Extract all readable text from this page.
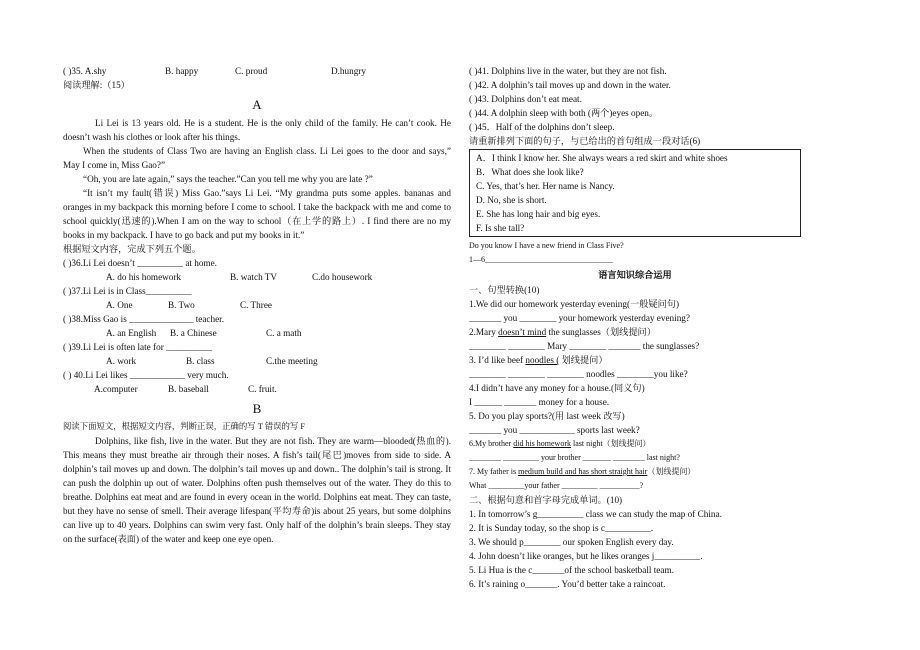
( )35. A.shy	B. happy	C. proud	D.hungry
阅读理解:（15）
A
Li Lei is 13 years old. He is a student. He is the only child of the family. He can’t cook. He doesn’t wash his clothes or look after his things.
When the students of Class Two are having an English class. Li Lei goes to the door and says,” May I come in, Miss Gao?”
“Oh, you are late again,” says the teacher.”Can you tell me why you are late ?”
“It isn’t my fault(错误) Miss Gao.”says Li Lei. “My grandma puts some apples. bananas and oranges in my backpack this morning before I come to school. I take the backpack with me and come to school quickly(迅速的).When I am on the way to school（在上学的路上）. I find there are no my books in my backpack. I have to go back and put my books in it.”
根据短文内容，完成下列五个题。
( )36.Li Lei doesn’t __________ at home.
A. do his homework	B. watch TV	C.do housework
( )37.Li Lei is in Class__________
A. One	B. Two	C. Three
( )38.Miss Gao is ______________ teacher.
A. an English B. a Chinese	C. a math
( )39.Li Lei is often late for __________
A. work	B. class	C.the meeting
( ) 40.Li Lei likes ____________ very much.
A.computer	B. baseball	C. fruit.
B
阅读下面短文，根据短文内容，判断正误，正确的写 T 错误的写 F
Dolphins, like fish, live in the water. But they are not fish. They are warm—blooded(热血的). This means they must breathe air through their noses. A fish’s tail(尾巴)moves from side to side. A dolphin’s tail moves up and down. The dolphin’s tail moves up and down.. The dolphin’s tail is strong. It can push the dolphin up out of water. Dolphins often push themselves out of the water. They do this to breathe. Dolphins eat meat and are found in every ocean in the world. Dolphins eat meat. They can taste, but they have no sense of smell. Their average lifespan(平均寿命)is about 25 years, but some dolphins can live up to 40 years. Dolphins can swim very fast. Only half of the dolphin’s brain sleeps. They stay on the surface(表面) of the water and keep one eye open.
( )41. Dolphins live in the water, but they are not fish.
( )42. A dolphin’s tail moves up and down in the water.
( )43. Dolphins don’t eat meat.
( )44. A dolphin sleep with both (两个)eyes open。
( )45．Half of the dolphins don’t sleep.
请重新排列下面的句子，与已给出的首句组成一段对话(6)
A．I think I know her. She always wears a red skirt and white shoes
B．What does she look like?
C. Yes, that’s her. Her name is Nancy.
D. No, she is short.
E. She has long hair and big eyes.
F. Is she tall?
Do you know I have a new friend in Class Five?
1—6________________________________
语言知识综合运用
一、句型转换(10)
1.We did our homework yesterday evening(一般疑问句)
_______ you ________ your homework yesterday evening?
2.Mary doesn’t mind the sunglasses（划线提问）
________ ________ Mary ________ _______ the sunglasses?
3. I’d like beef noodles ( 划线提问）
________ ________ ________ noodles ________you like?
4.I didn’t have any money for a house.(同义句)
I ______ _______ money for a house.
5. Do you play sports?(用 last week 改写)
_______ you ____________ sports last week?
6.My brother did his homework last night（划线提问）
________ _________ your brother _______ ________ last night?
7. My father is medium build and has short straight hair（划线提问）
What _________your father _________ __________?
二、根据句意和首字母完成单词。(10)
1. In tomorrow’s g__________ class we can study the map of China.
2. It is Sunday today, so the shop is c__________.
3. We should p________ our spoken English every day.
4. John doesn’t like oranges, but he likes oranges j__________.
5. Li Hua is the c_______of the school basketball team.
6. It’s raining o_______. You’d better take a raincoat.
